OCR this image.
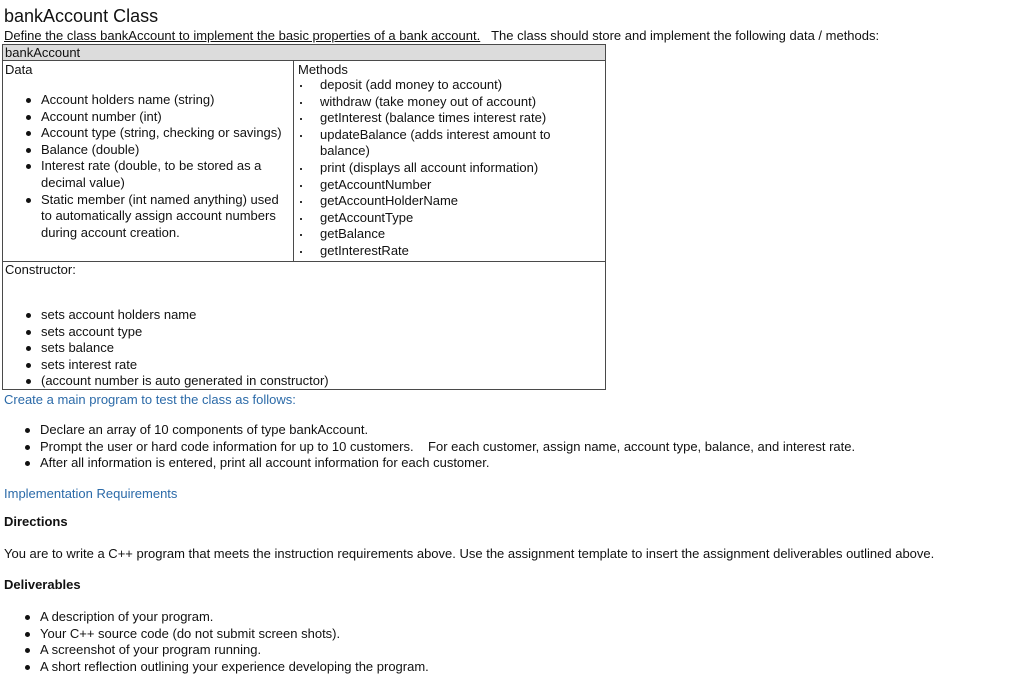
bankAccount Class
Define the class bankAccount to implement the basic properties of a bank account. The class should store and implement the following data / methods:
bankAccount
Data	Methods
Account holders name (string)
Account number (int)
Account type (string, checking or savings)
Balance (double)
Interest rate (double, to be stored as a decimal value)
Static member (int named anything) used to automatically assign account numbers during account creation.
deposit (add money to account)
withdraw (take money out of account)
getInterest (balance times interest rate)
updateBalance (adds interest amount to balance)
print (displays all account information)
getAccountNumber
getAccountHolderName
getAccountType
getBalance
getInterestRate
Constructor:
sets account holders name
sets account type
sets balance
sets interest rate
(account number is auto generated in constructor)
Create a main program to test the class as follows:
Declare an array of 10 components of type bankAccount.
Prompt the user or hard code information for up to 10 customers.    For each customer, assign name, account type, balance, and interest rate.
After all information is entered, print all account information for each customer.
Implementation Requirements
Directions
You are to write a C++ program that meets the instruction requirements above. Use the assignment template to insert the assignment deliverables outlined above.
Deliverables
A description of your program.
Your C++ source code (do not submit screen shots).
A screenshot of your program running.
A short reflection outlining your experience developing the program.
